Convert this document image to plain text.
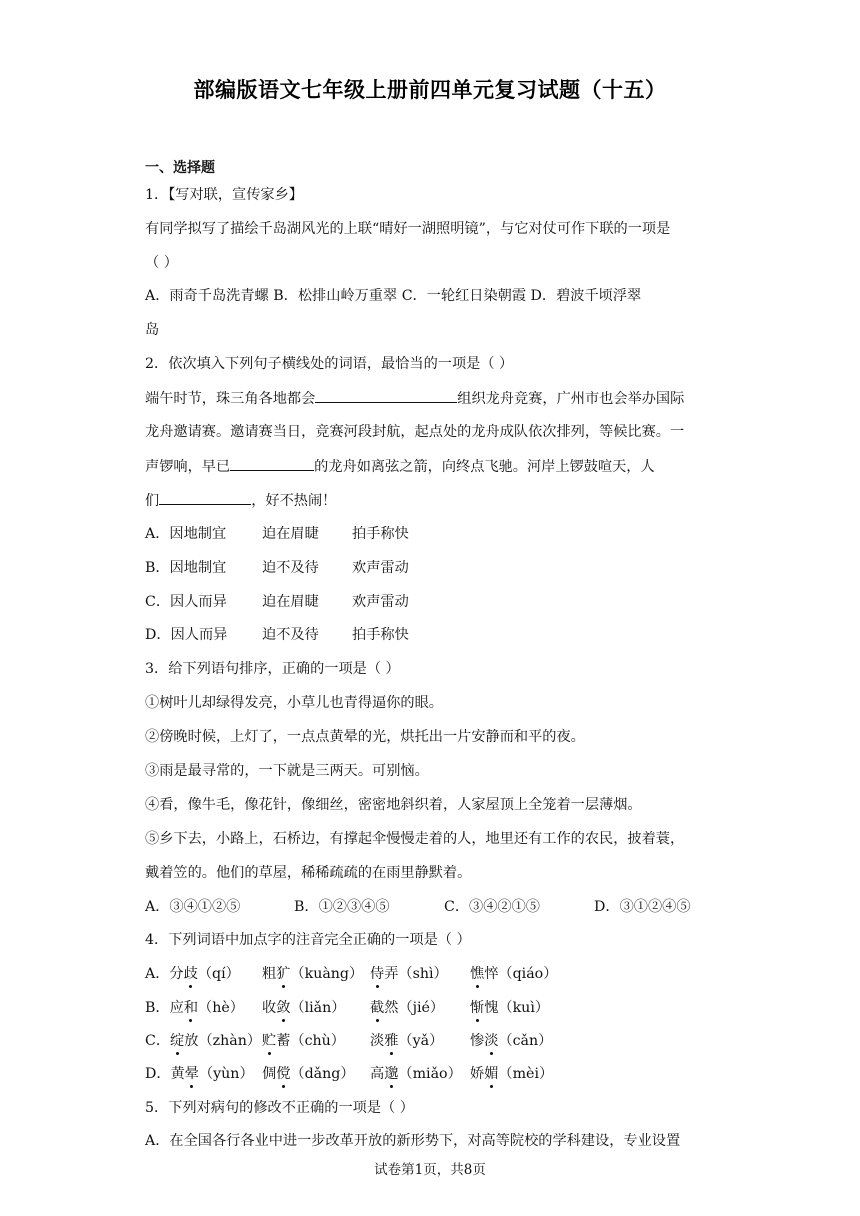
部编版语文七年级上册前四单元复习试题（十五）
一、选择题
1．【写对联，宣传家乡】
有同学拟写了描绘千岛湖风光的上联“晴好一湖照明镜”，与它对仗可作下联的一项是
（ ）
A．雨奇千岛洗青螺 B．松排山岭万重翠 C．一轮红日染朝霞 D．碧波千顷浮翠
岛
2．依次填入下列句子横线处的词语，最恰当的一项是（ ）
端午时节，珠三角各地都会	组织龙舟竞赛，广州市也会举办国际
龙舟邀请赛。邀请赛当日，竞赛河段封航，起点处的龙舟成队依次排列，等候比赛。一
声锣响，早已	的龙舟如离弦之箭，向终点飞驰。河岸上锣鼓喧天，人
们	，好不热闹！
A．因地制宜	迫在眉睫 拍手称快
B．因地制宜	迫不及待 欢声雷动
C．因人而异 迫在眉睫 欢声雷动
D．因人而异 迫不及待 拍手称快
3．给下列语句排序，正确的一项是（ ）
①树叶儿却绿得发亮，小草儿也青得逼你的眼。
②傍晚时候，上灯了，一点点黄晕的光，烘托出一片安静而和平的夜。
③雨是最寻常的，一下就是三两天。可别恼。
④看，像牛毛，像花针，像细丝，密密地斜织着，人家屋顶上全笼着一层薄烟。
⑤乡下去，小路上，石桥边，有撑起伞慢慢走着的人，地里还有工作的农民，披着蓑，
戴着笠的。他们的草屋，稀稀疏疏的在雨里静默着。
A．③④①②⑤	B．①②③④⑤	C．③④②①⑤	D．③①②④⑤
4．下列词语中加点字的注音完全正确的一项是（ ）
A．分歧（qí） 粗犷（kuàng） 侍弄（shì） 憔悴（qiáo）
B．应和（hè） 收敛（liǎn） 截然（jié） 惭愧（kuì）
C．绽放（zhàn）贮蓄（chù） 淡雅（yǎ） 惨淡（cǎn）
D．黄晕（yùn） 倜傥（dǎng） 高邈（miǎo） 娇媚（mèi）
5．下列对病句的修改不正确的一项是（ ）
A．在全国各行各业中进一步改革开放的新形势下，对高等院校的学科建设，专业设置
试卷第1页，共8页
